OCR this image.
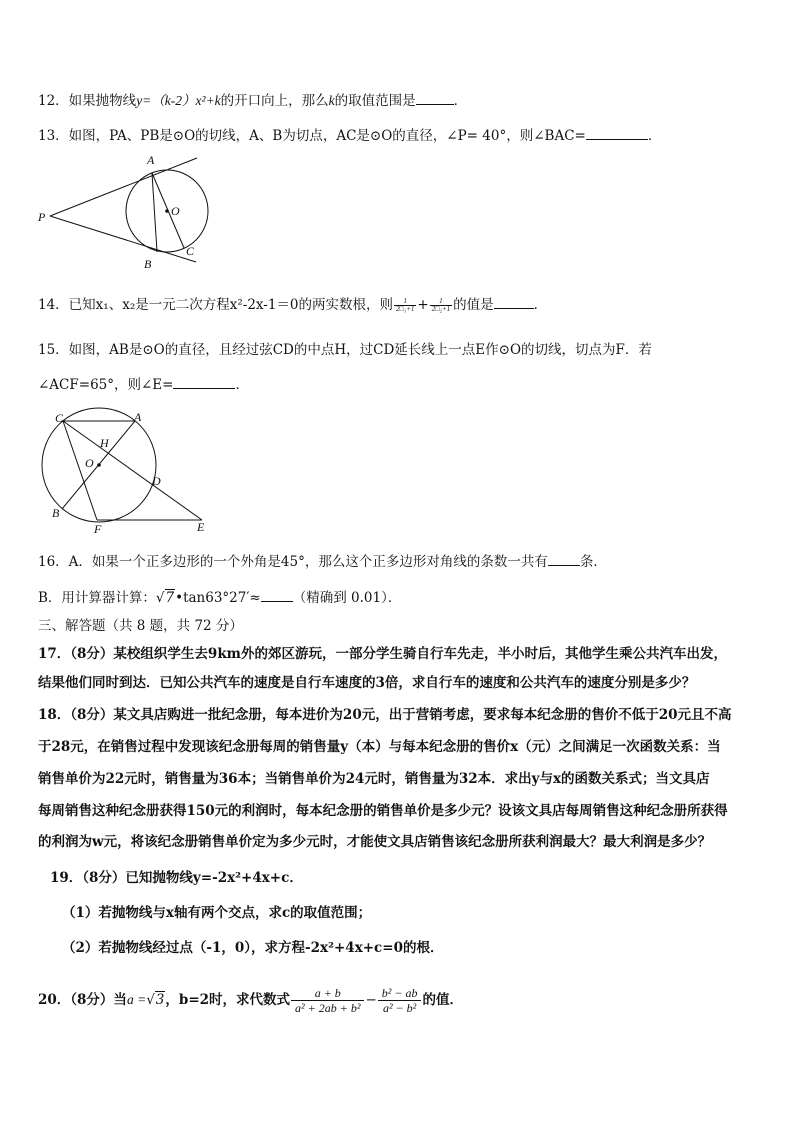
12．如果抛物线y=（k-2）x²+k的开口向上，那么k的取值范围是	．
13．如图，PA、PB是⊙O的切线，A、B为切点，AC是⊙O的直径，∠P= 40°，则∠BAC=	．
A
O
C
P
B
14．已知x₁、x₂是一元二次方程x²-2x-1＝0的两实数根，则 $\frac{1}{\text{2□₁+1}} + \frac{1}{\text{2□₂+1}}$ 的值是	．
15．如图，AB是⊙O的直径，且经过弦CD的中点H，过CD延长线上一点E作⊙O的切线，切点为F．若
∠ACF=65°，则∠E=	．
C	A
H
O
D
B
F	E
16．A．如果一个正多边形的一个外角是45°，那么这个正多边形对角线的条数一共有 条．
B．用计算器计算：√7•tan63°27′≈ （精确到 0.01）．
三、解答题（共 8 题，共 72 分）
17．（8分）某校组织学生去9km外的郊区游玩，一部分学生骑自行车先走，半小时后，其他学生乘公共汽车出发，
结果他们同时到达．已知公共汽车的速度是自行车速度的3倍，求自行车的速度和公共汽车的速度分别是多少？
18．（8分）某文具店购进一批纪念册，每本进价为20元，出于营销考虑，要求每本纪念册的售价不低于20元且不高
于28元，在销售过程中发现该纪念册每周的销售量y（本）与每本纪念册的售价x（元）之间满足一次函数关系：当
销售单价为22元时，销售量为36本；当销售单价为24元时，销售量为32本．求出y与x的函数关系式；当文具店
每周销售这种纪念册获得150元的利润时，每本纪念册的销售单价是多少元？设该文具店每周销售这种纪念册所获得
的利润为w元，将该纪念册销售单价定为多少元时，才能使文具店销售该纪念册所获利润最大？最大利润是多少？
19．（8分）已知抛物线y=-2x²+4x+c．
（1）若抛物线与x轴有两个交点，求c的取值范围；
（2）若抛物线经过点（-1，0），求方程-2x²+4x+c=0的根．
20．（8分）当a =√3，b=2时，求代数式 $\frac{a + b}{\text{a² + 2ab + b²}} - \frac{\text{b² − ab}}{\text{a² − b²}}$ 的值．
